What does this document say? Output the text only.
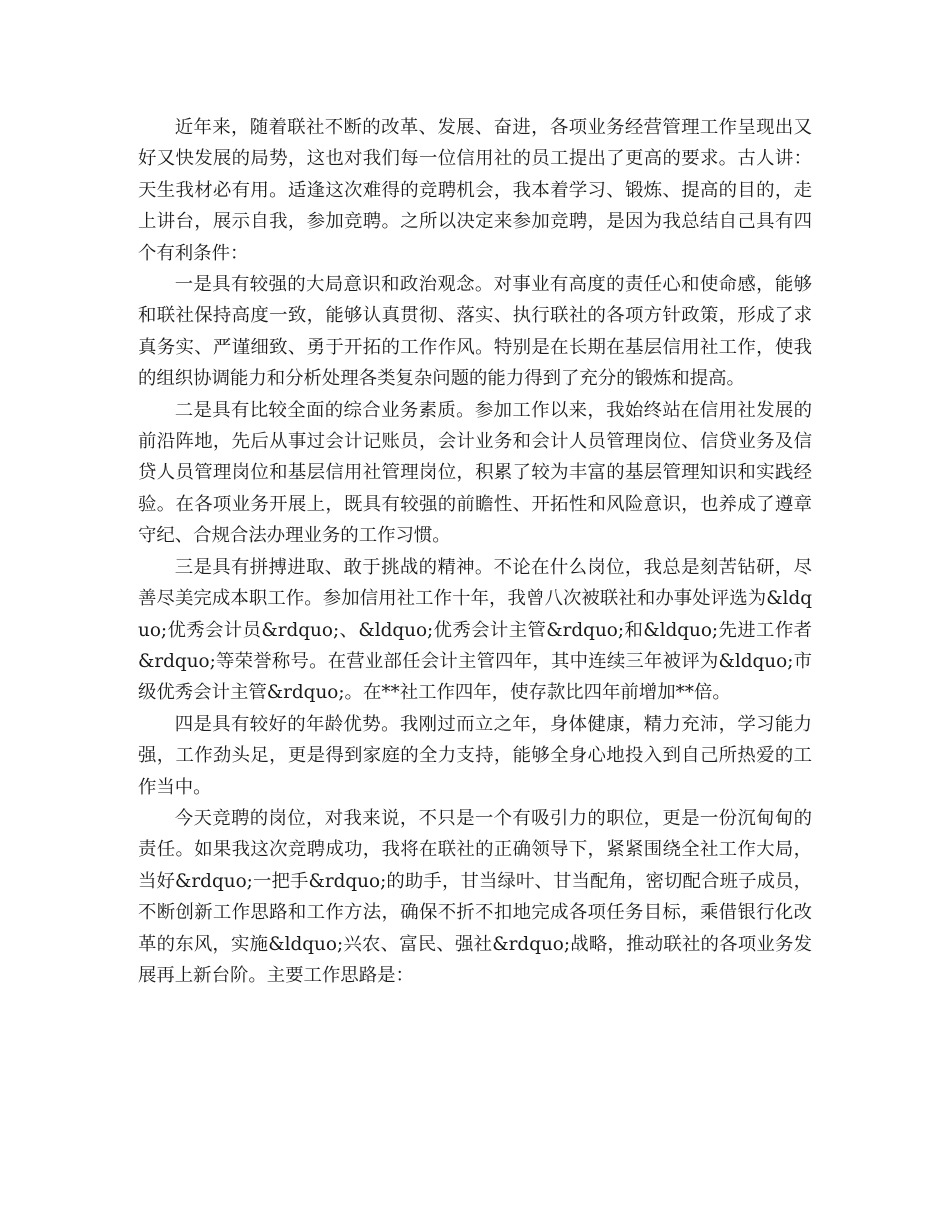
近年来，随着联社不断的改革、发展、奋进，各项业务经营管理工作呈现出又好又快发展的局势，这也对我们每一位信用社的员工提出了更高的要求。古人讲：天生我材必有用。适逢这次难得的竞聘机会，我本着学习、锻炼、提高的目的，走上讲台，展示自我，参加竞聘。之所以决定来参加竞聘，是因为我总结自己具有四个有利条件：

一是具有较强的大局意识和政治观念。对事业有高度的责任心和使命感，能够和联社保持高度一致，能够认真贯彻、落实、执行联社的各项方针政策，形成了求真务实、严谨细致、勇于开拓的工作作风。特别是在长期在基层信用社工作，使我的组织协调能力和分析处理各类复杂问题的能力得到了充分的锻炼和提高。

二是具有比较全面的综合业务素质。参加工作以来，我始终站在信用社发展的前沿阵地，先后从事过会计记账员，会计业务和会计人员管理岗位、信贷业务及信贷人员管理岗位和基层信用社管理岗位，积累了较为丰富的基层管理知识和实践经验。在各项业务开展上，既具有较强的前瞻性、开拓性和风险意识，也养成了遵章守纪、合规合法办理业务的工作习惯。

三是具有拼搏进取、敢于挑战的精神。不论在什么岗位，我总是刻苦钻研，尽善尽美完成本职工作。参加信用社工作十年，我曾八次被联社和办事处评选为&ldquo;优秀会计员&rdquo;、&ldquo;优秀会计主管&rdquo;和&ldquo;先进工作者&rdquo;等荣誉称号。在营业部任会计主管四年，其中连续三年被评为&ldquo;市级优秀会计主管&rdquo;。在**社工作四年，使存款比四年前增加**倍。

四是具有较好的年龄优势。我刚过而立之年，身体健康，精力充沛，学习能力强，工作劲头足，更是得到家庭的全力支持，能够全身心地投入到自己所热爱的工作当中。

今天竞聘的岗位，对我来说，不只是一个有吸引力的职位，更是一份沉甸甸的责任。如果我这次竞聘成功，我将在联社的正确领导下，紧紧围绕全社工作大局，当好&rdquo;一把手&rdquo;的助手，甘当绿叶、甘当配角，密切配合班子成员，不断创新工作思路和工作方法，确保不折不扣地完成各项任务目标，乘借银行化改革的东风，实施&ldquo;兴农、富民、强社&rdquo;战略，推动联社的各项业务发展再上新台阶。主要工作思路是：
